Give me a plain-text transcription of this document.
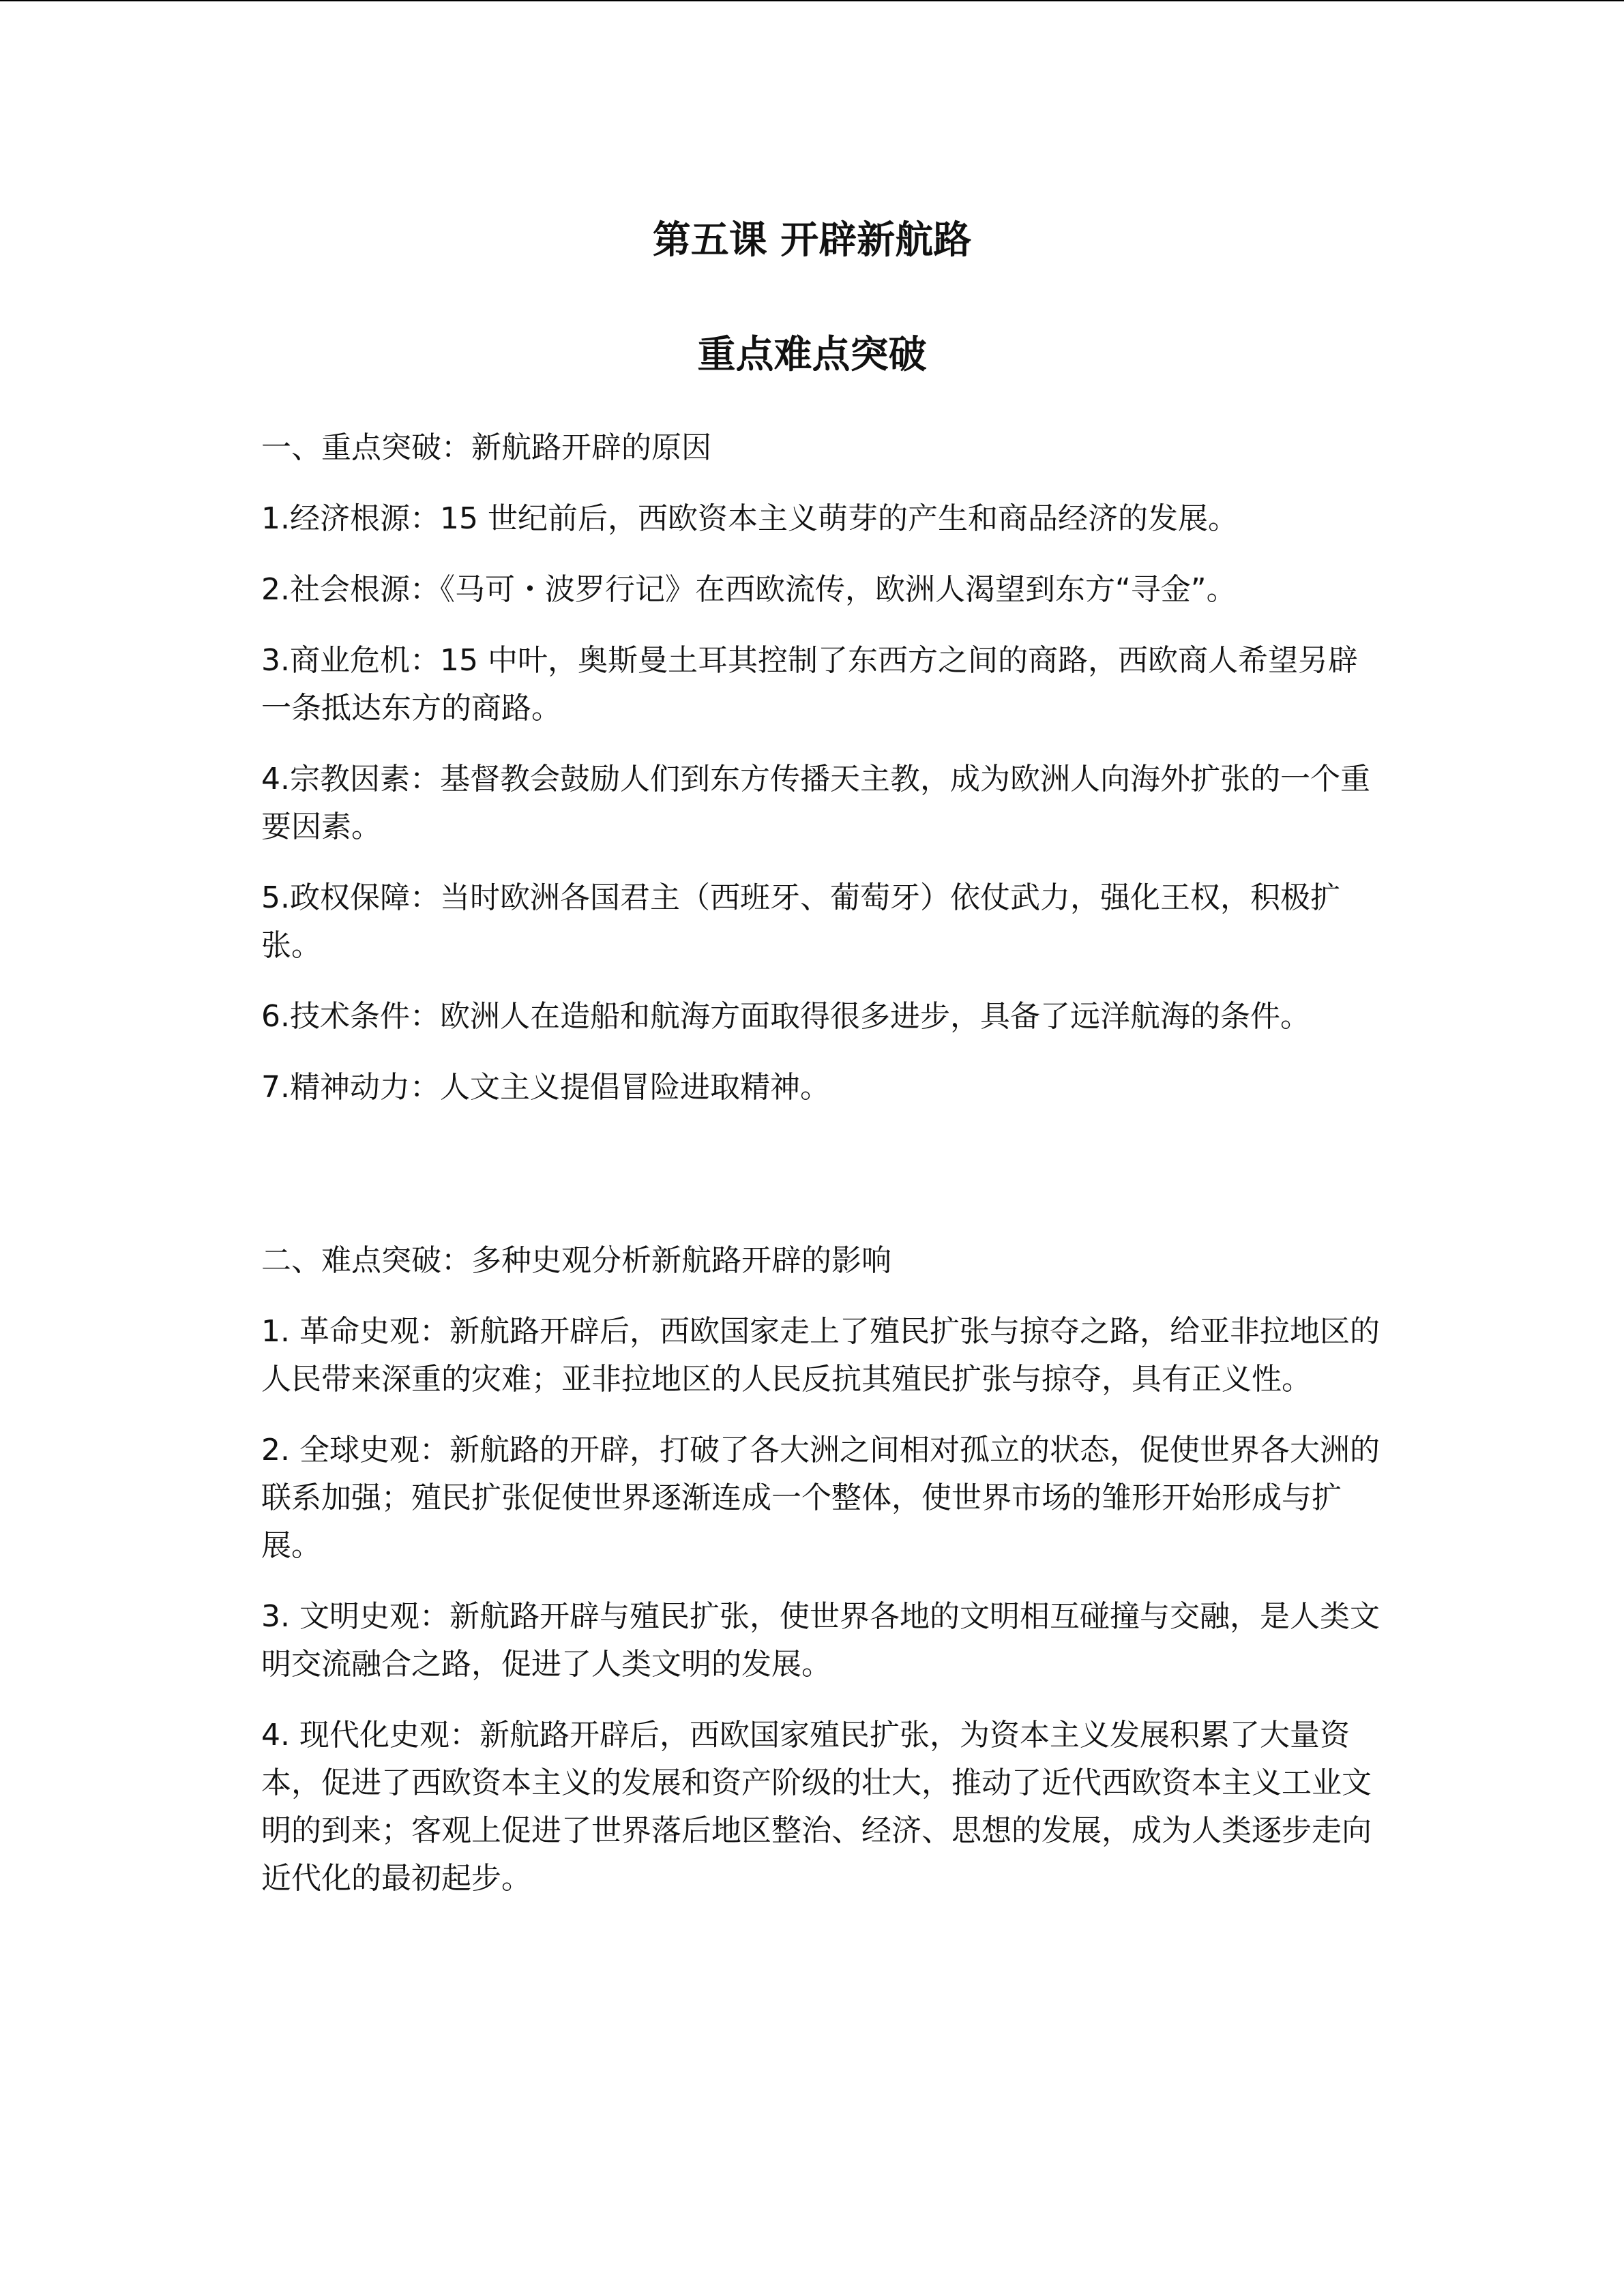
第五课 开辟新航路
重点难点突破

一、重点突破：新航路开辟的原因

1.经济根源：15 世纪前后，西欧资本主义萌芽的产生和商品经济的发展。

2.社会根源：《马可・波罗行记》在西欧流传，欧洲人渴望到东方“寻金”。

3.商业危机：15 中叶，奥斯曼土耳其控制了东西方之间的商路，西欧商人希望另辟一条抵达东方的商路。

4.宗教因素：基督教会鼓励人们到东方传播天主教，成为欧洲人向海外扩张的一个重要因素。

5.政权保障：当时欧洲各国君主（西班牙、葡萄牙）依仗武力，强化王权，积极扩张。

6.技术条件：欧洲人在造船和航海方面取得很多进步，具备了远洋航海的条件。

7.精神动力：人文主义提倡冒险进取精神。

二、难点突破：多种史观分析新航路开辟的影响

1. 革命史观：新航路开辟后，西欧国家走上了殖民扩张与掠夺之路，给亚非拉地区的人民带来深重的灾难；亚非拉地区的人民反抗其殖民扩张与掠夺，具有正义性。

2. 全球史观：新航路的开辟，打破了各大洲之间相对孤立的状态，促使世界各大洲的联系加强；殖民扩张促使世界逐渐连成一个整体，使世界市场的雏形开始形成与扩展。

3. 文明史观：新航路开辟与殖民扩张，使世界各地的文明相互碰撞与交融，是人类文明交流融合之路，促进了人类文明的发展。

4. 现代化史观：新航路开辟后，西欧国家殖民扩张，为资本主义发展积累了大量资本，促进了西欧资本主义的发展和资产阶级的壮大，推动了近代西欧资本主义工业文明的到来；客观上促进了世界落后地区整治、经济、思想的发展，成为人类逐步走向近代化的最初起步。
